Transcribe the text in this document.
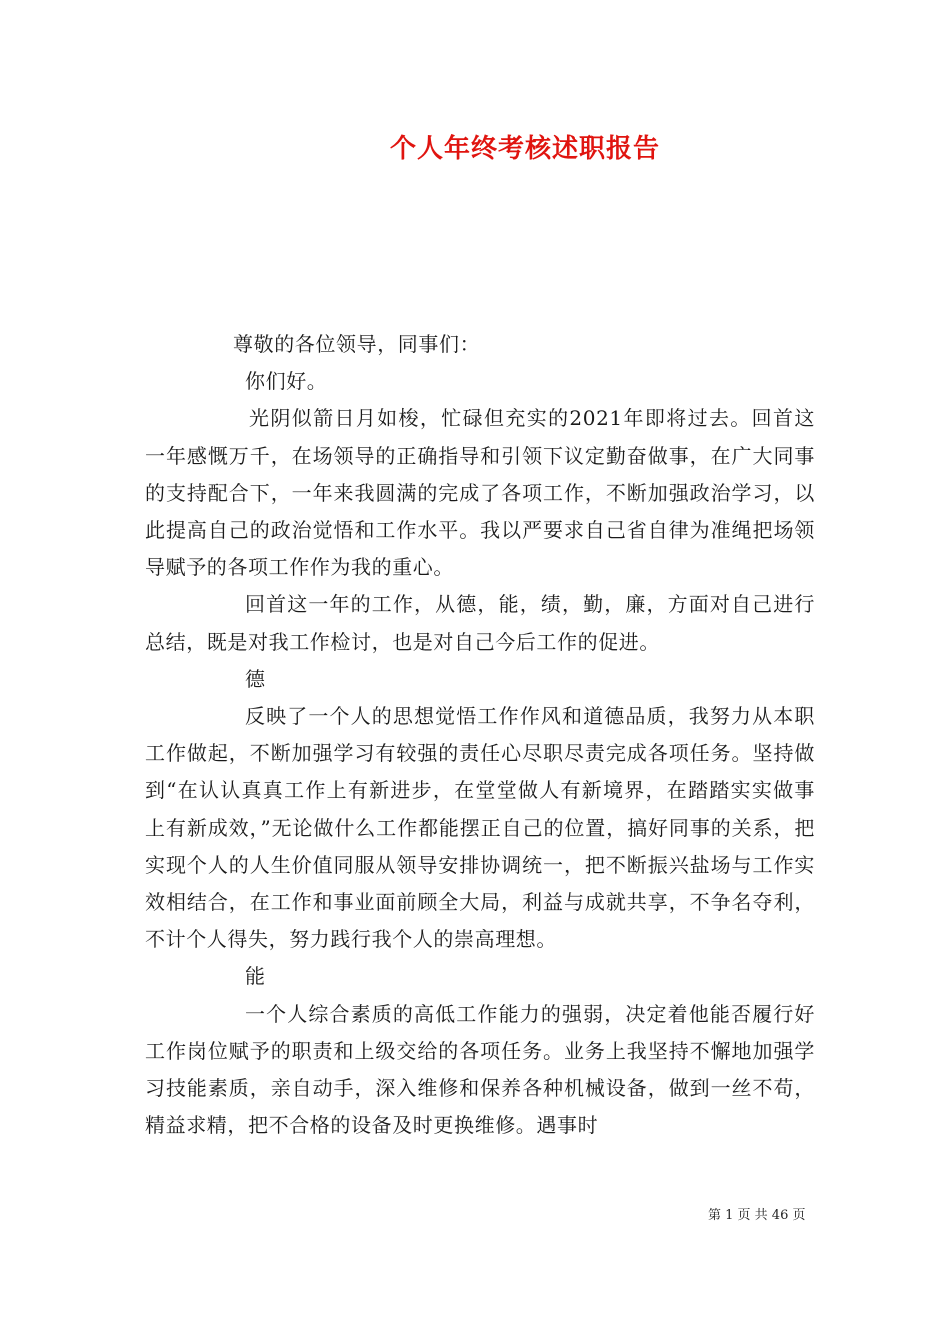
个人年终考核述职报告

尊敬的各位领导，同事们：

你们好。

光阴似箭日月如梭，忙碌但充实的2021年即将过去。回首这一年感慨万千，在场领导的正确指导和引领下议定勤奋做事，在广大同事的支持配合下，一年来我圆满的完成了各项工作，不断加强政治学习，以此提高自己的政治觉悟和工作水平。我以严要求自己省自律为准绳把场领导赋予的各项工作作为我的重心。

回首这一年的工作，从德，能，绩，勤，廉，方面对自己进行总结，既是对我工作检讨，也是对自己今后工作的促进。

德

反映了一个人的思想觉悟工作作风和道德品质，我努力从本职工作做起，不断加强学习有较强的责任心尽职尽责完成各项任务。坚持做到“在认认真真工作上有新进步，在堂堂做人有新境界，在踏踏实实做事上有新成效，”无论做什么工作都能摆正自己的位置，搞好同事的关系，把实现个人的人生价值同服从领导安排协调统一，把不断振兴盐场与工作实效相结合，在工作和事业面前顾全大局，利益与成就共享，不争名夺利，不计个人得失，努力践行我个人的崇高理想。

能

一个人综合素质的高低工作能力的强弱，决定着他能否履行好工作岗位赋予的职责和上级交给的各项任务。业务上我坚持不懈地加强学习技能素质，亲自动手，深入维修和保养各种机械设备，做到一丝不苟，精益求精，把不合格的设备及时更换维修。遇事时

第 1 页 共 46 页
